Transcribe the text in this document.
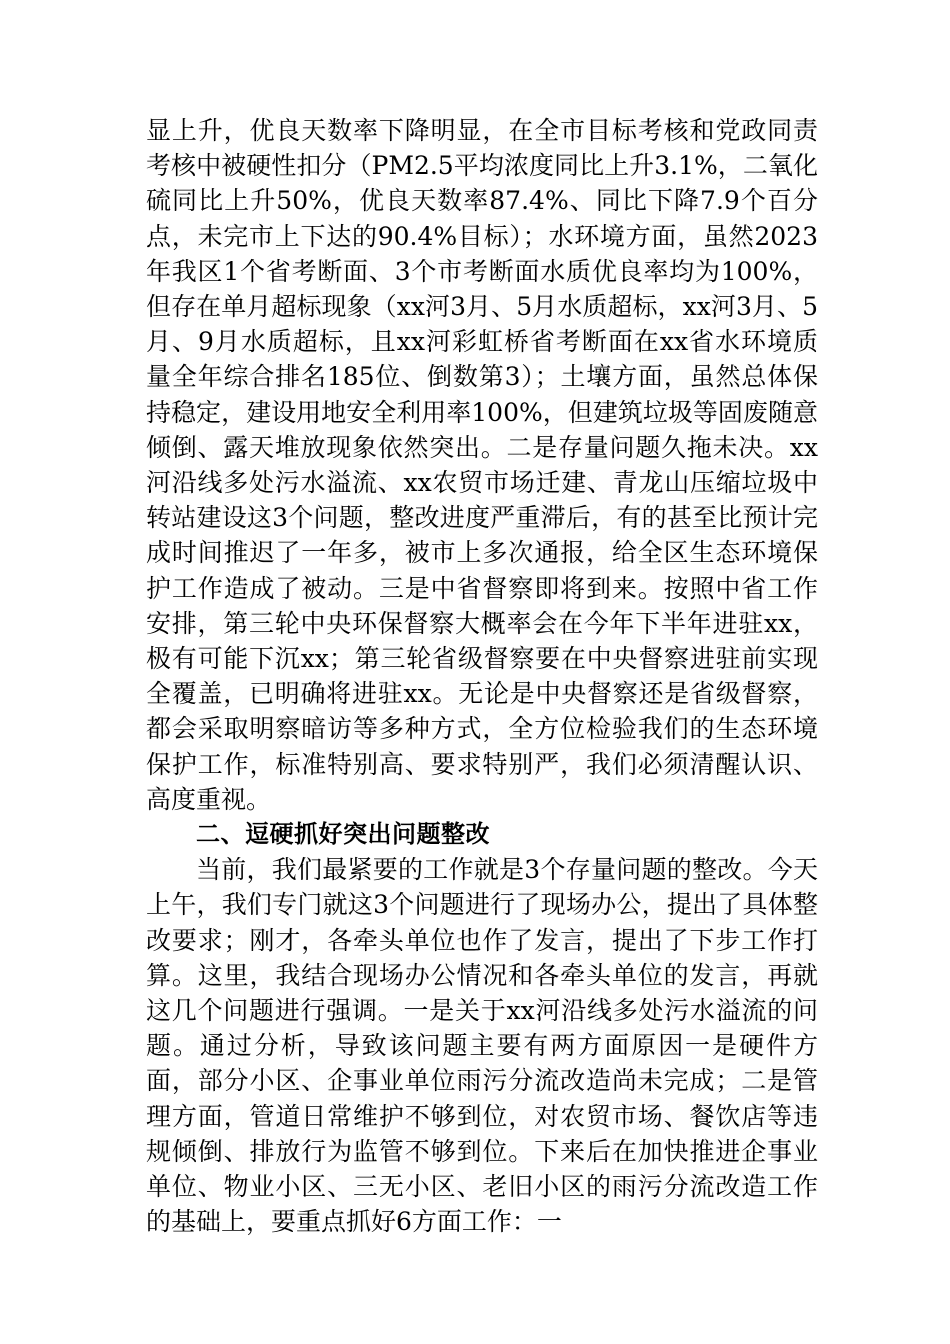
显上升，优良天数率下降明显，在全市目标考核和党政同责考核中被硬性扣分（PM2.5平均浓度同比上升3.1%，二氧化硫同比上升50%，优良天数率87.4%、同比下降7.9个百分点，未完市上下达的90.4%目标）；水环境方面，虽然2023年我区1个省考断面、3个市考断面水质优良率均为100%，但存在单月超标现象（xx河3月、5月水质超标，xx河3月、5月、9月水质超标，且xx河彩虹桥省考断面在xx省水环境质量全年综合排名185位、倒数第3）；土壤方面，虽然总体保持稳定，建设用地安全利用率100%，但建筑垃圾等固废随意倾倒、露天堆放现象依然突出。二是存量问题久拖未决。xx河沿线多处污水溢流、xx农贸市场迁建、青龙山压缩垃圾中转站建设这3个问题，整改进度严重滞后，有的甚至比预计完成时间推迟了一年多，被市上多次通报，给全区生态环境保护工作造成了被动。三是中省督察即将到来。按照中省工作安排，第三轮中央环保督察大概率会在今年下半年进驻xx，极有可能下沉xx；第三轮省级督察要在中央督察进驻前实现全覆盖，已明确将进驻xx。无论是中央督察还是省级督察，都会采取明察暗访等多种方式，全方位检验我们的生态环境保护工作，标准特别高、要求特别严，我们必须清醒认识、高度重视。

二、逗硬抓好突出问题整改

当前，我们最紧要的工作就是3个存量问题的整改。今天上午，我们专门就这3个问题进行了现场办公，提出了具体整改要求；刚才，各牵头单位也作了发言，提出了下步工作打算。这里，我结合现场办公情况和各牵头单位的发言，再就这几个问题进行强调。一是关于xx河沿线多处污水溢流的问题。通过分析，导致该问题主要有两方面原因一是硬件方面，部分小区、企事业单位雨污分流改造尚未完成；二是管理方面，管道日常维护不够到位，对农贸市场、餐饮店等违规倾倒、排放行为监管不够到位。下来后在加快推进企事业单位、物业小区、三无小区、老旧小区的雨污分流改造工作的基础上，要重点抓好6方面工作：一
